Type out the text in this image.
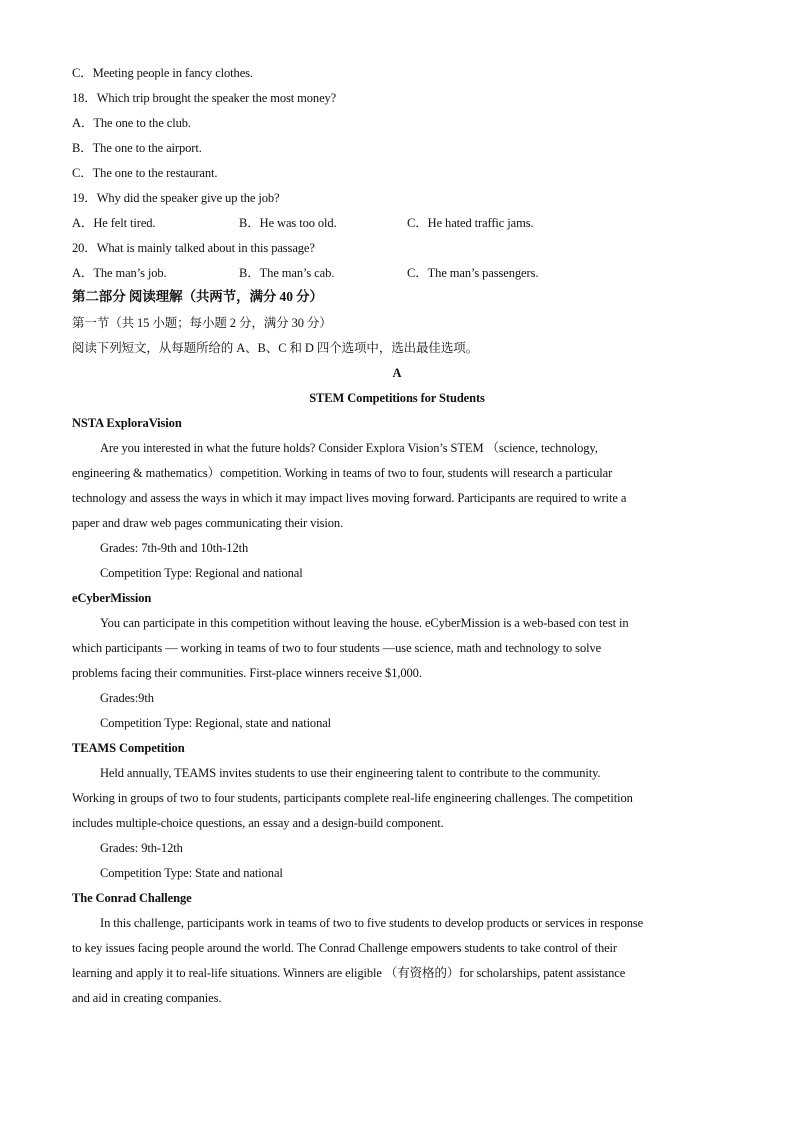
C．Meeting people in fancy clothes.
18．Which trip brought the speaker the most money?
A．The one to the club.
B．The one to the airport.
C．The one to the restaurant.
19．Why did the speaker give up the job?
A．He felt tired.	B．He was too old.	C．He hated traffic jams.
20．What is mainly talked about in this passage?
A．The man’s job.	B．The man’s cab.	C．The man’s passengers.
第二部分 阅读理解（共两节，满分 40 分）
第一节（共 15 小题；每小题 2 分，满分 30 分）
阅读下列短文，从每题所给的 A、B、C 和 D 四个选项中，选出最佳选项。
A
STEM Competitions for Students
NSTA ExploraVision
Are you interested in what the future holds? Consider Explora Vision’s STEM （science, technology,
engineering & mathematics）competition. Working in teams of two to four, students will research a particular
technology and assess the ways in which it may impact lives moving forward. Participants are required to write a
paper and draw web pages communicating their vision.
Grades: 7th-9th and 10th-12th
Competition Type: Regional and national
eCyberMission
You can participate in this competition without leaving the house. eCyberMission is a web-based con test in
which participants — working in teams of two to four students —use science, math and technology to solve
problems facing their communities. First-place winners receive $1,000.
Grades:9th
Competition Type: Regional, state and national
TEAMS Competition
Held annually, TEAMS invites students to use their engineering talent to contribute to the community.
Working in groups of two to four students, participants complete real-life engineering challenges. The competition
includes multiple-choice questions, an essay and a design-build component.
Grades: 9th-12th
Competition Type: State and national
The Conrad Challenge
In this challenge, participants work in teams of two to five students to develop products or services in response
to key issues facing people around the world. The Conrad Challenge empowers students to take control of their
learning and apply it to real-life situations. Winners are eligible （有资格的）for scholarships, patent assistance
and aid in creating companies.
